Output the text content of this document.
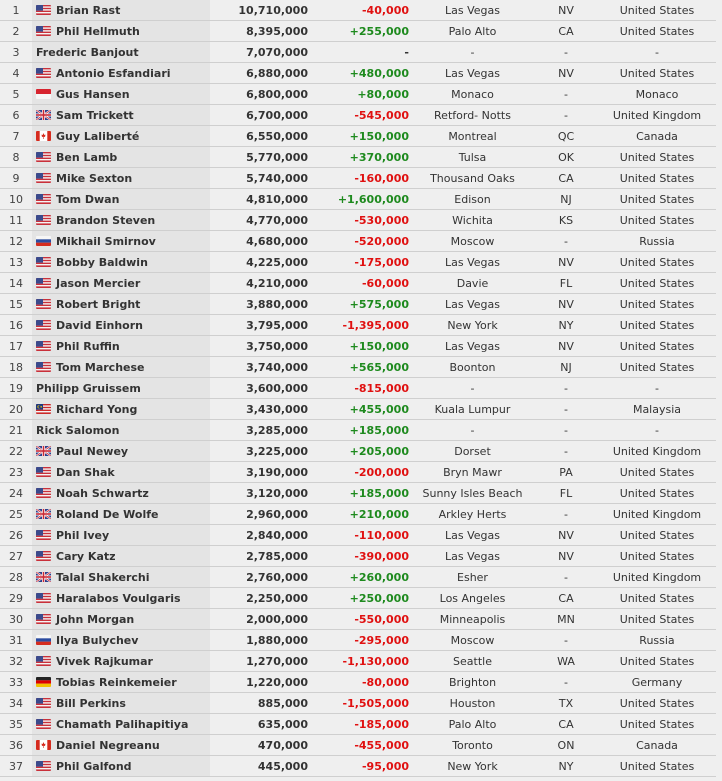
1	Brian Rast	10,710,000	-40,000	Las Vegas	NV	United States
2	Phil Hellmuth	8,395,000	+255,000	Palo Alto	CA	United States
3	Frederic Banjout	7,070,000	-	-	-	-
4	Antonio Esfandiari	6,880,000	+480,000	Las Vegas	NV	United States
5	Gus Hansen	6,800,000	+80,000	Monaco	-	Monaco
6	Sam Trickett	6,700,000	-545,000	Retford- Notts	-	United Kingdom
7	Guy Laliberté	6,550,000	+150,000	Montreal	QC	Canada
8	Ben Lamb	5,770,000	+370,000	Tulsa	OK	United States
9	Mike Sexton	5,740,000	-160,000	Thousand Oaks	CA	United States
10	Tom Dwan	4,810,000	+1,600,000	Edison	NJ	United States
11	Brandon Steven	4,770,000	-530,000	Wichita	KS	United States
12	Mikhail Smirnov	4,680,000	-520,000	Moscow	-	Russia
13	Bobby Baldwin	4,225,000	-175,000	Las Vegas	NV	United States
14	Jason Mercier	4,210,000	-60,000	Davie	FL	United States
15	Robert Bright	3,880,000	+575,000	Las Vegas	NV	United States
16	David Einhorn	3,795,000	-1,395,000	New York	NY	United States
17	Phil Ruffin	3,750,000	+150,000	Las Vegas	NV	United States
18	Tom Marchese	3,740,000	+565,000	Boonton	NJ	United States
19	Philipp Gruissem	3,600,000	-815,000	-	-	-
20	Richard Yong	3,430,000	+455,000	Kuala Lumpur	-	Malaysia
21	Rick Salomon	3,285,000	+185,000	-	-	-
22	Paul Newey	3,225,000	+205,000	Dorset	-	United Kingdom
23	Dan Shak	3,190,000	-200,000	Bryn Mawr	PA	United States
24	Noah Schwartz	3,120,000	+185,000	Sunny Isles Beach	FL	United States
25	Roland De Wolfe	2,960,000	+210,000	Arkley Herts	-	United Kingdom
26	Phil Ivey	2,840,000	-110,000	Las Vegas	NV	United States
27	Cary Katz	2,785,000	-390,000	Las Vegas	NV	United States
28	Talal Shakerchi	2,760,000	+260,000	Esher	-	United Kingdom
29	Haralabos Voulgaris	2,250,000	+250,000	Los Angeles	CA	United States
30	John Morgan	2,000,000	-550,000	Minneapolis	MN	United States
31	Ilya Bulychev	1,880,000	-295,000	Moscow	-	Russia
32	Vivek Rajkumar	1,270,000	-1,130,000	Seattle	WA	United States
33	Tobias Reinkemeier	1,220,000	-80,000	Brighton	-	Germany
34	Bill Perkins	885,000	-1,505,000	Houston	TX	United States
35	Chamath Palihapitiya	635,000	-185,000	Palo Alto	CA	United States
36	Daniel Negreanu	470,000	-455,000	Toronto	ON	Canada
37	Phil Galfond	445,000	-95,000	New York	NY	United States
